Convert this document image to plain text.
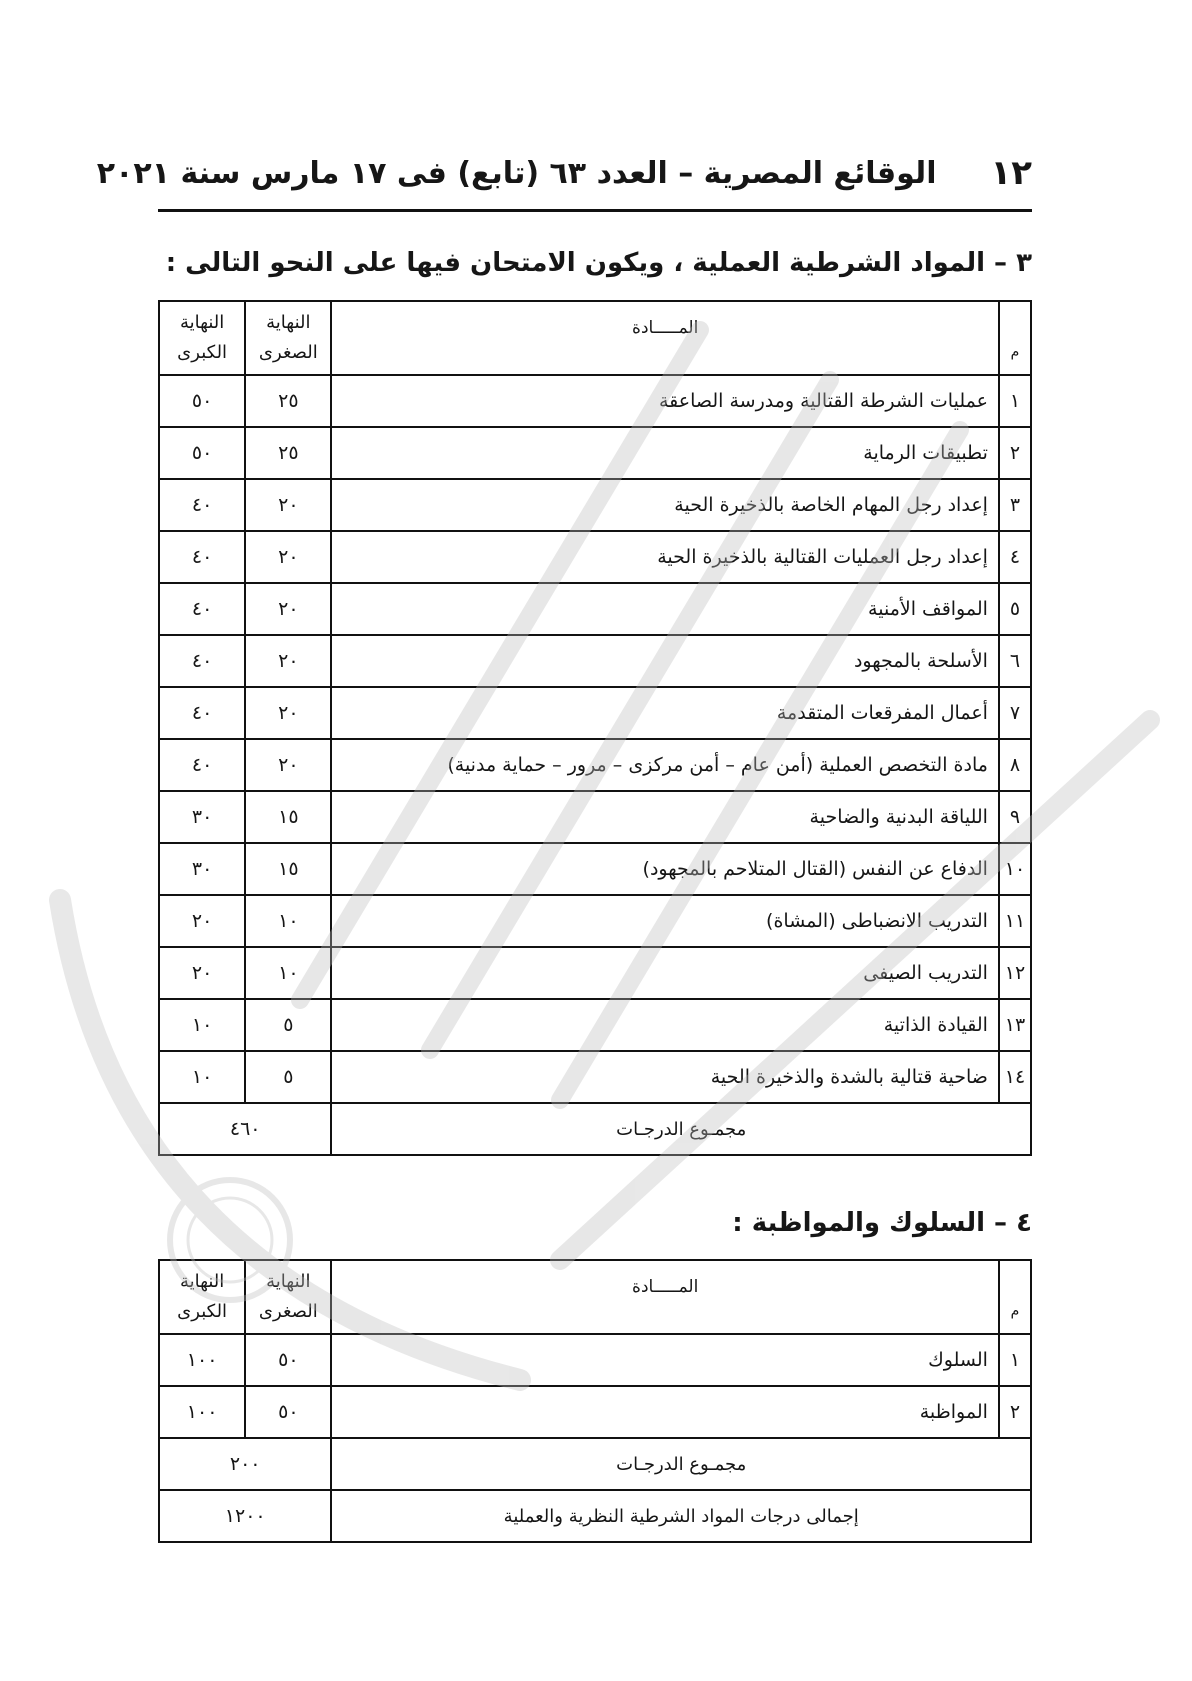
١٢
الوقائع المصرية – العدد ٦٣ (تابع) فى ١٧ مارس سنة ٢٠٢١
٣ – المواد الشرطية العملية ، ويكون الامتحان فيها على النحو التالى :
م	المـــــادة	النهاية الصغرى	النهاية الكبرى
١	عمليات الشرطة القتالية ومدرسة الصاعقة	٢٥	٥٠
٢	تطبيقات الرماية	٢٥	٥٠
٣	إعداد رجل المهام الخاصة بالذخيرة الحية	٢٠	٤٠
٤	إعداد رجل العمليات القتالية بالذخيرة الحية	٢٠	٤٠
٥	المواقف الأمنية	٢٠	٤٠
٦	الأسلحة بالمجهود	٢٠	٤٠
٧	أعمال المفرقعات المتقدمة	٢٠	٤٠
٨	مادة التخصص العملية (أمن عام – أمن مركزى – مرور – حماية مدنية)	٢٠	٤٠
٩	اللياقة البدنية والضاحية	١٥	٣٠
١٠	الدفاع عن النفس (القتال المتلاحم بالمجهود)	١٥	٣٠
١١	التدريب الانضباطى (المشاة)	١٠	٢٠
١٢	التدريب الصيفى	١٠	٢٠
١٣	القيادة الذاتية	٥	١٠
١٤	ضاحية قتالية بالشدة والذخيرة الحية	٥	١٠
مجمـوع الدرجـات		٤٦٠	
٤ – السلوك والمواظبة :
م	المـــــادة	النهاية الصغرى	النهاية الكبرى
١	السلوك	٥٠	١٠٠
٢	المواظبة	٥٠	١٠٠
مجمـوع الدرجـات		٢٠٠	
إجمالى درجات المواد الشرطية النظرية والعملية		١٢٠٠	
